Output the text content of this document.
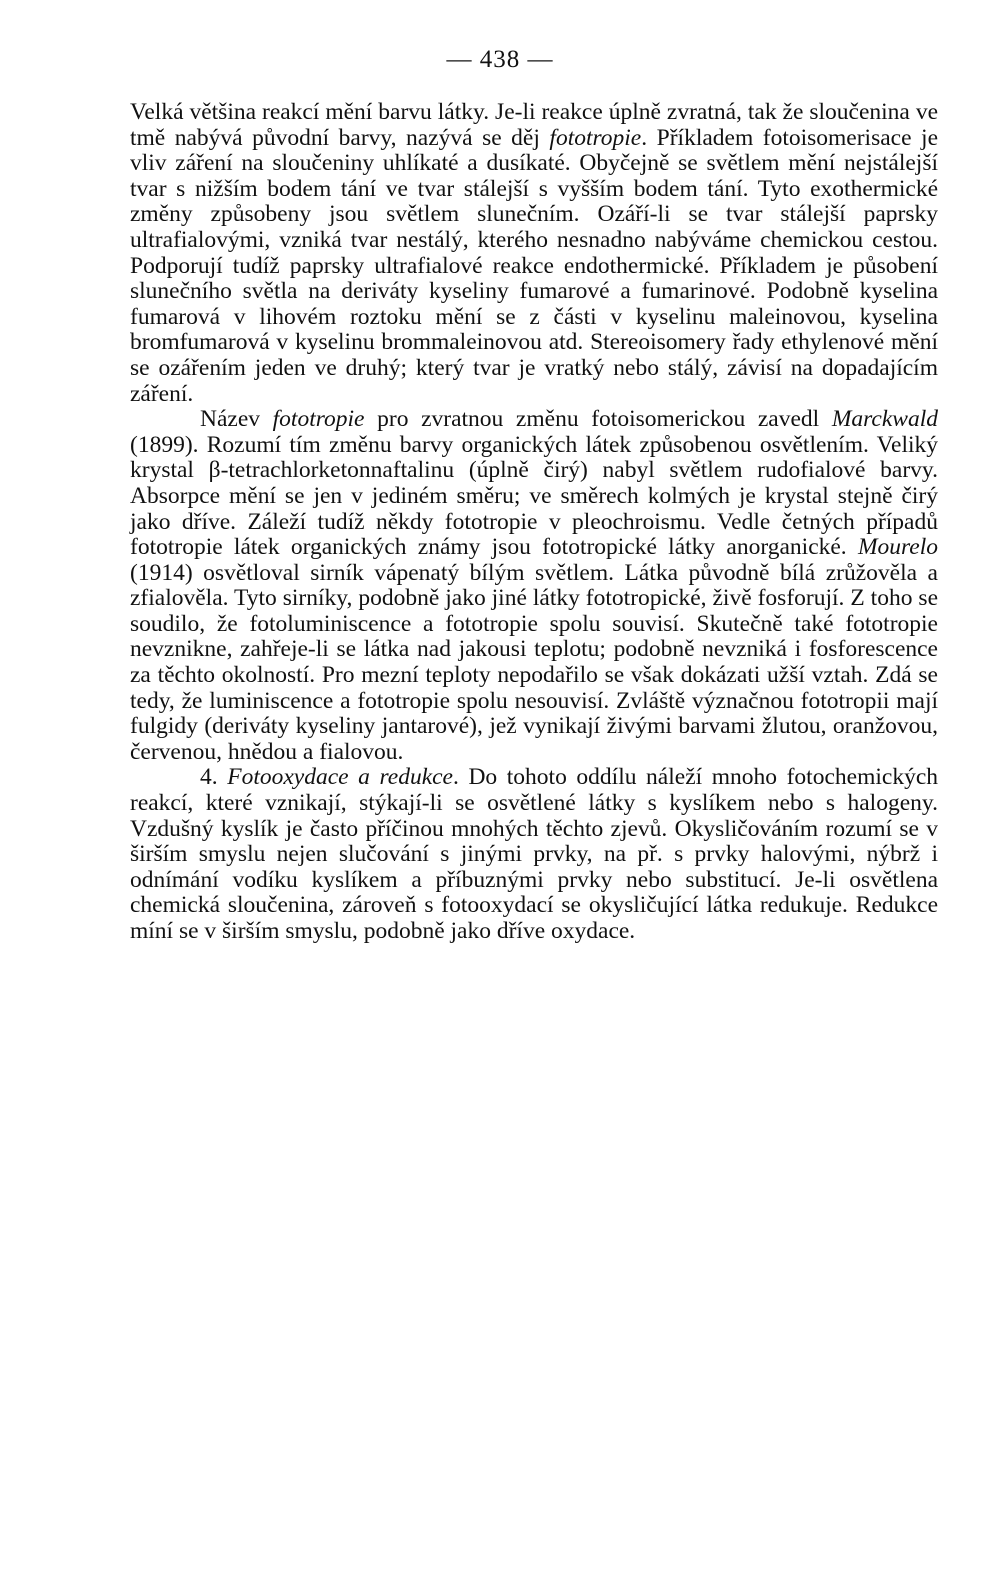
— 438 —

Velká většina reakcí mění barvu látky. Je-li reakce úplně zvratná, tak že sloučenina ve tmě nabývá původní barvy, nazývá se děj fototropie. Příkladem fotoisomerisace je vliv záření na sloučeniny uhlíkaté a dusíkaté. Obyčejně se světlem mění nejstálejší tvar s nižším bodem tání ve tvar stálejší s vyšším bodem tání. Tyto exothermické změny způsobeny jsou světlem slunečním. Ozáří-li se tvar stálejší paprsky ultrafialovými, vzniká tvar nestálý, kterého nesnadno nabýváme chemickou cestou. Podporují tudíž paprsky ultrafialové reakce endothermické. Příkladem je působení slunečního světla na deriváty kyseliny fumarové a fumarinové. Podobně kyselina fumarová v lihovém roztoku mění se z části v kyselinu maleinovou, kyselina bromfumarová v kyselinu brommaleinovou atd. Stereoisomery řady ethylenové mění se ozářením jeden ve druhý; který tvar je vratký nebo stálý, závisí na dopadajícím záření.

Název fototropie pro zvratnou změnu fotoisomerickou zavedl Marckwald (1899). Rozumí tím změnu barvy organických látek způsobenou osvětlením. Veliký krystal β-tetrachlorketonnaftalinu (úplně čirý) nabyl světlem rudofialové barvy. Absorpce mění se jen v jediném směru; ve směrech kolmých je krystal stejně čirý jako dříve. Záleží tudíž někdy fototropie v pleochroismu. Vedle četných případů fototropie látek organických známy jsou fototropické látky anorganické. Mourelo (1914) osvětloval sirník vápenatý bílým světlem. Látka původně bílá zrůžověla a zfialověla. Tyto sirníky, podobně jako jiné látky fototropické, živě fosforují. Z toho se soudilo, že fotoluminiscence a fototropie spolu souvisí. Skutečně také fototropie nevzniknе, zahřeje-li se látka nad jakousi teplotu; podobně nevzniká i fosforescence za těchto okolností. Pro mezní teploty nepodařilo se však dokázati užší vztah. Zdá se tedy, že luminiscence a fototropie spolu nesouvisí. Zvláště význačnou fototropii mají fulgidy (deriváty kyseliny jantarové), jež vynikají živými barvami žlutou, oranžovou, červenou, hnědou a fialovou.

4. Fotooxydace a redukce. Do tohoto oddílu náleží mnoho fotochemických reakcí, které vznikají, stýkají-li se osvětlené látky s kyslíkem nebo s halogeny. Vzdušný kyslík je často příčinou mnohých těchto zjevů. Okysličováním rozumí se v širším smyslu nejen slučování s jinými prvky, na př. s prvky halovými, nýbrž i odnímání vodíku kyslíkem a příbuznými prvky nebo substitucí. Je-li osvětlena chemická sloučenina, zároveň s fotooxydací se okysličující látka redukuje. Redukce míní se v širším smyslu, podobně jako dříve oxydace.
